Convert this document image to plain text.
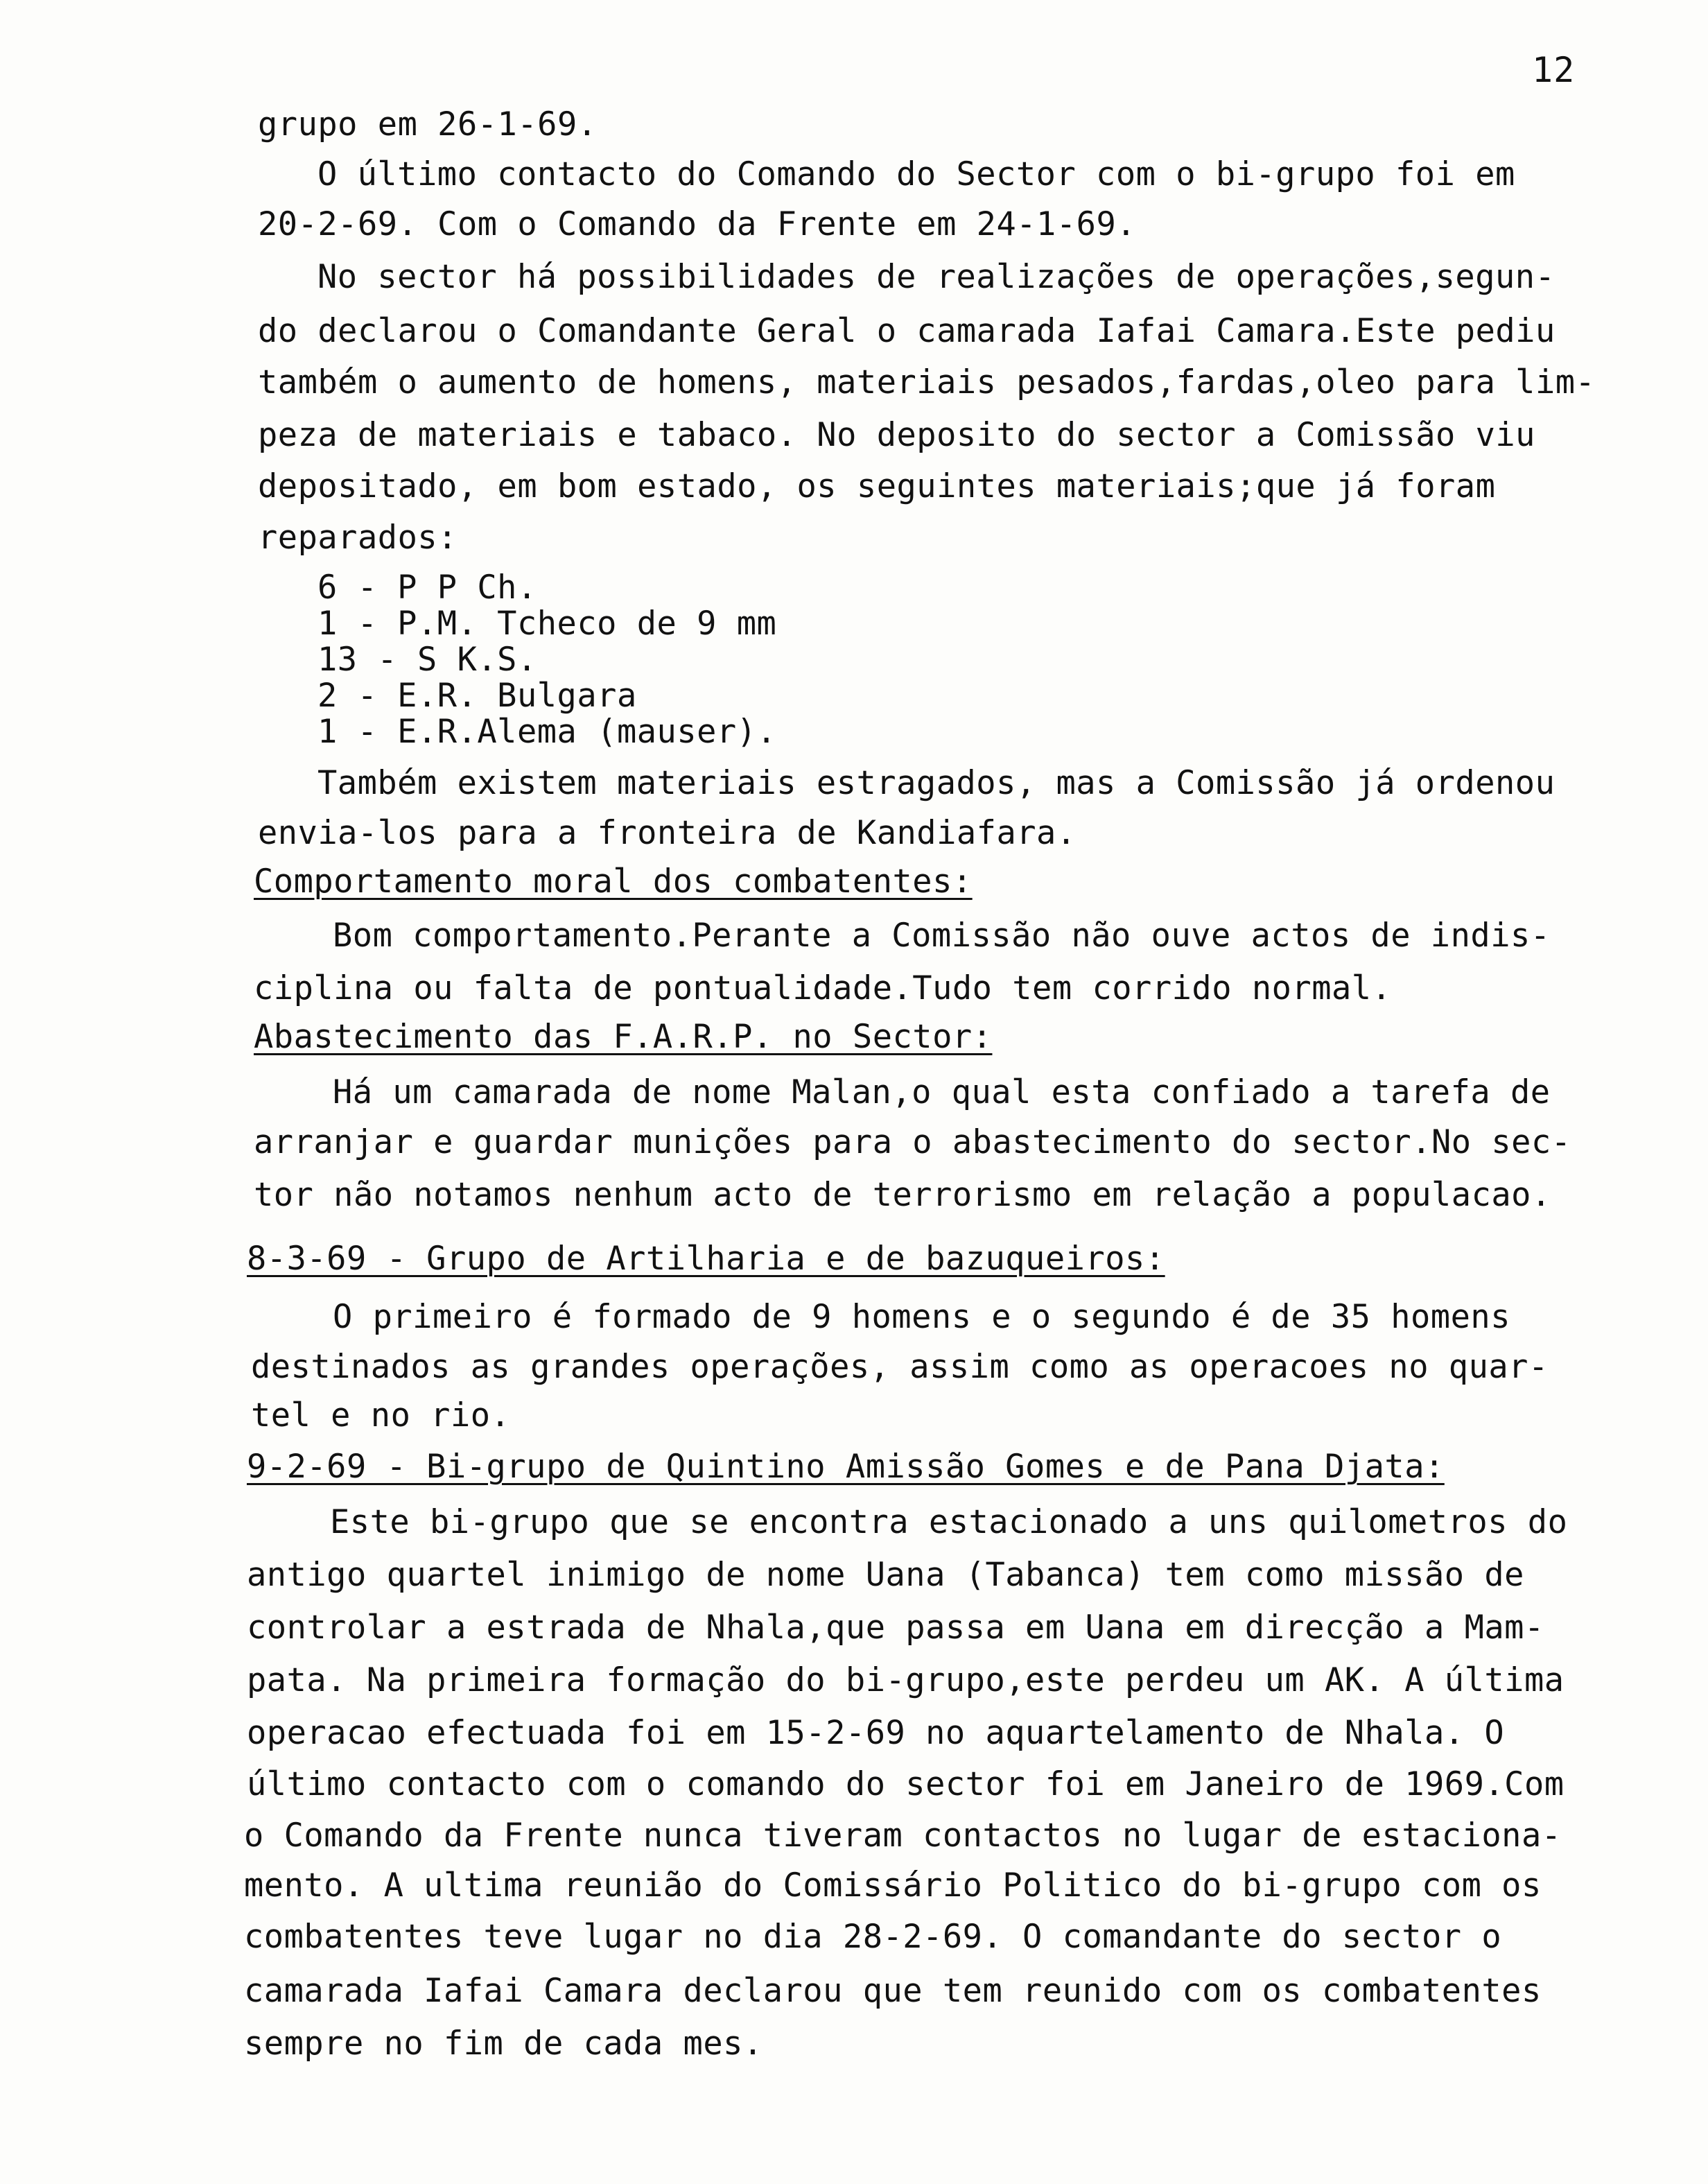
12
grupo em 26-1-69.
O último contacto do Comando do Sector com o bi-grupo foi em
20-2-69. Com o Comando da Frente em 24-1-69.
No sector há possibilidades de realizações de operações,segun-
do declarou o Comandante Geral o camarada Iafai Camara.Este pediu
também o aumento de homens, materiais pesados,fardas,oleo para lim-
peza de materiais e tabaco. No deposito do sector a Comissão viu
depositado, em bom estado, os seguintes materiais;que já foram
reparados:
6 - P P Ch.
1 - P.M. Tcheco de 9 mm
13 - S K.S.
2 - E.R. Bulgara
1 - E.R.Alema (mauser).
Também existem materiais estragados, mas a Comissão já ordenou
envia-los para a fronteira de Kandiafara.
Comportamento moral dos combatentes:
Bom comportamento.Perante a Comissão não ouve actos de indis-
ciplina ou falta de pontualidade.Tudo tem corrido normal.
Abastecimento das F.A.R.P. no Sector:
Há um camarada de nome Malan,o qual esta confiado a tarefa de
arranjar e guardar munições para o abastecimento do sector.No sec-
tor não notamos nenhum acto de terrorismo em relação a populacao.
8-3-69 - Grupo de Artilharia e de bazuqueiros:
O primeiro é formado de 9 homens e o segundo é de 35 homens
destinados as grandes operações, assim como as operacoes no quar-
tel e no rio.
9-2-69 - Bi-grupo de Quintino Amissão Gomes e de Pana Djata:
Este bi-grupo que se encontra estacionado a uns quilometros do
antigo quartel inimigo de nome Uana (Tabanca) tem como missão de
controlar a estrada de Nhala,que passa em Uana em direcção a Mam-
pata. Na primeira formação do bi-grupo,este perdeu um AK. A última
operacao efectuada foi em 15-2-69 no aquartelamento de Nhala. O
último contacto com o comando do sector foi em Janeiro de 1969.Com
o Comando da Frente nunca tiveram contactos no lugar de estaciona-
mento. A ultima reunião do Comissário Politico do bi-grupo com os
combatentes teve lugar no dia 28-2-69. O comandante do sector o
camarada Iafai Camara declarou que tem reunido com os combatentes
sempre no fim de cada mes.
